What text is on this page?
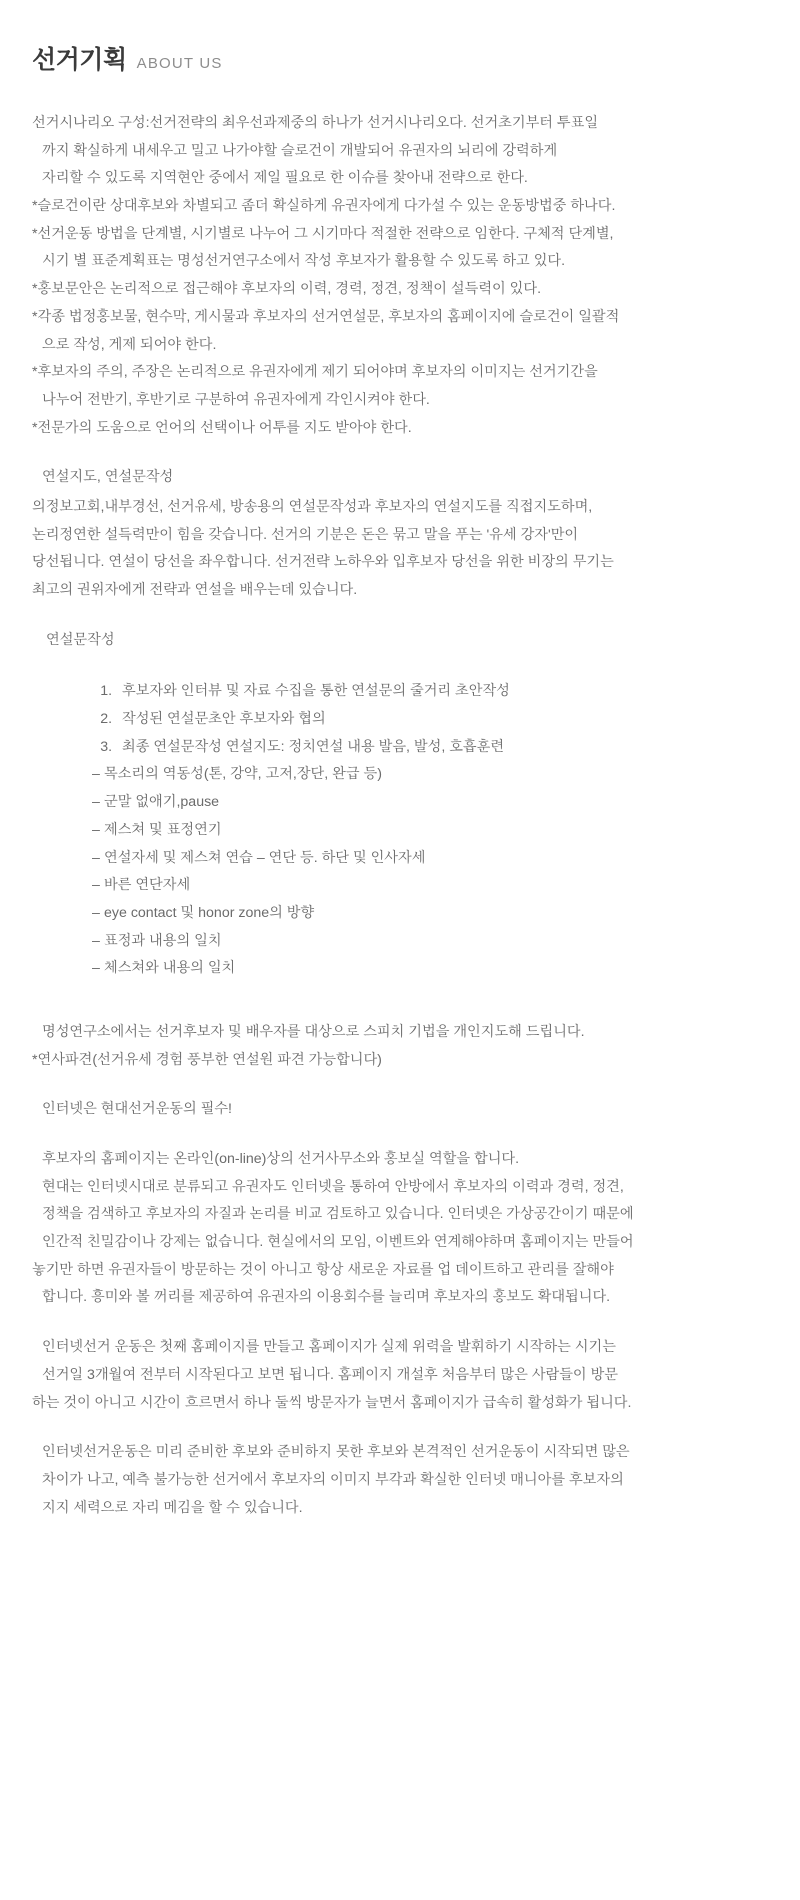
선거기획 ABOUT US

선거시나리오 구성:선거전략의 최우선과제중의 하나가 선거시나리오다. 선거초기부터 투표일

까지 확실하게 내세우고 밀고 나가야할 슬로건이 개발되어 유권자의 뇌리에 강력하게

자리할 수 있도록 지역현안 중에서 제일 필요로 한 이슈를 찾아내 전략으로 한다.

*슬로건이란 상대후보와 차별되고 좀더 확실하게 유권자에게 다가설 수 있는 운동방법중 하나다.

*선거운동 방법을 단계별, 시기별로 나누어 그 시기마다 적절한 전략으로 임한다. 구체적 단계별,

시기 별 표준계획표는 명성선거연구소에서 작성 후보자가 활용할 수 있도록 하고 있다.

*홍보문안은 논리적으로 접근해야 후보자의 이력, 경력, 정견, 정책이 설득력이 있다.

*각종 법정홍보물, 현수막, 게시물과 후보자의 선거연설문, 후보자의 홈페이지에 슬로건이 일괄적

으로 작성, 게제 되어야 한다.

*후보자의 주의, 주장은 논리적으로 유권자에게 제기 되어야며 후보자의 이미지는 선거기간을

나누어 전반기, 후반기로 구분하여 유권자에게 각인시켜야 한다.

*전문가의 도움으로 언어의 선택이나 어투를 지도 받아야 한다.

연설지도, 연설문작성

의정보고회,내부경선, 선거유세, 방송용의 연설문작성과 후보자의 연설지도를 직접지도하며,

논리정연한 설득력만이 힘을 갖습니다. 선거의 기분은 돈은 묶고 말을 푸는 '유세 강자'만이

당선됩니다. 연설이 당선을 좌우합니다. 선거전략 노하우와 입후보자 당선을 위한 비장의 무기는

최고의 권위자에게 전략과 연설을 배우는데 있습니다.

연설문작성

1. 후보자와 인터뷰 및 자료 수집을 통한 연설문의 줄거리 초안작성
2. 작성된 연설문초안 후보자와 협의
3. 최종 연설문작성 연설지도: 정치연설 내용 발음, 발성, 호흡훈련
– 목소리의 역동성(톤, 강약, 고저,장단, 완급 등)
– 군말 없애기,pause
– 제스쳐 및 표정연기
– 연설자세 및 제스쳐 연습 – 연단 등. 하단 및 인사자세
– 바른 연단자세
– eye contact 및 honor zone의 방향
– 표정과 내용의 일치
– 체스쳐와 내용의 일치

명성연구소에서는 선거후보자 및 배우자를 대상으로 스피치 기법을 개인지도해 드립니다.

*연사파견(선거유세 경험 풍부한 연설원 파견 가능합니다)

인터넷은 현대선거운동의 필수!

후보자의 홈페이지는 온라인(on-line)상의 선거사무소와 홍보실 역할을 합니다.

현대는 인터넷시대로 분류되고 유권자도 인터넷을 통하여 안방에서 후보자의 이력과 경력, 정견,

정책을 검색하고 후보자의 자질과 논리를 비교 검토하고 있습니다. 인터넷은 가상공간이기 때문에

인간적 친밀감이나 강제는 없습니다. 현실에서의 모임, 이벤트와 연계해야하며 홈페이지는 만들어

놓기만 하면 유권자들이 방문하는 것이 아니고 항상 새로운 자료를 업 데이트하고 관리를 잘해야

합니다. 흥미와 볼 꺼리를 제공하여 유권자의 이용회수를 늘리며 후보자의 홍보도 확대됩니다.

인터넷선거 운동은 첫째 홈페이지를 만들고 홈페이지가 실제 위력을 발휘하기 시작하는 시기는

선거일 3개월여 전부터 시작된다고 보면 됩니다. 홈페이지 개설후 처음부터 많은 사람들이 방문

하는 것이 아니고 시간이 흐르면서 하나 둘씩 방문자가 늘면서 홈페이지가 급속히 활성화가 됩니다.

인터넷선거운동은 미리 준비한 후보와 준비하지 못한 후보와 본격적인 선거운동이 시작되면 많은

차이가 나고, 예측 불가능한 선거에서 후보자의 이미지 부각과 확실한 인터넷 매니아를 후보자의

지지 세력으로 자리 메김을 할 수 있습니다.
